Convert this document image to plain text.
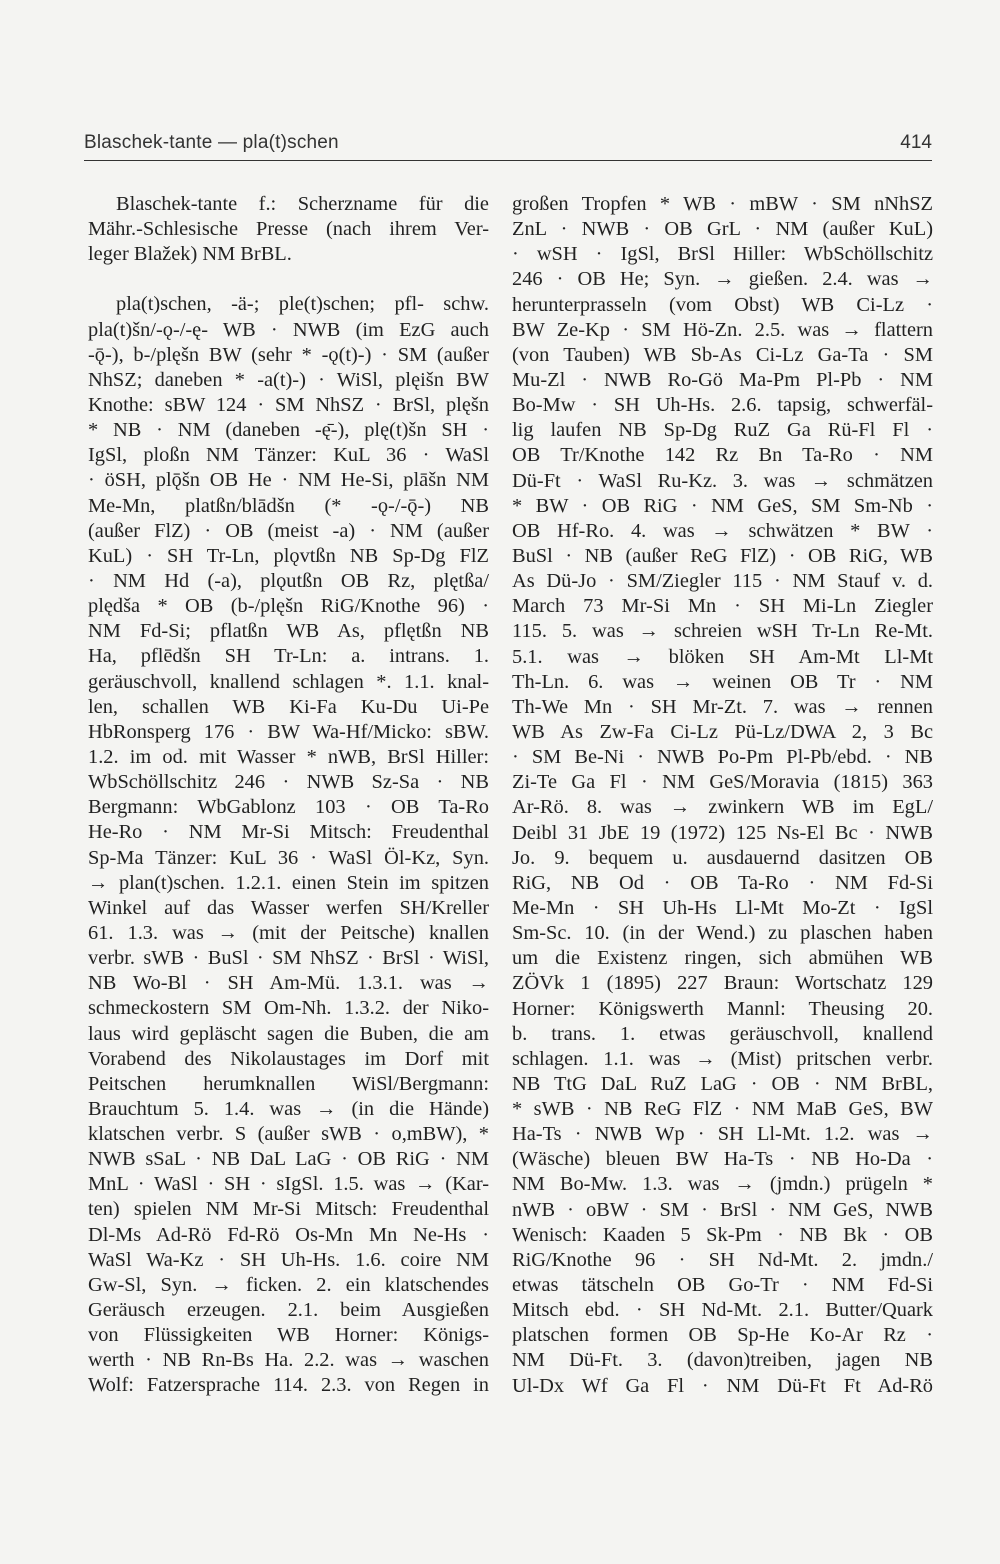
Blaschek-tante — pla(t)schen	414
Blaschek-tante f.: Scherzname für die
Mähr.-Schlesische Presse (nach ihrem Ver-
leger Blažek) NM BrBL.
pla(t)schen, -ä-; ple(t)schen; pfl- schw.
pla(t)šn/-ǫ-/-ę- WB · NWB (im EzG auch
-ǭ-), b-/plęšn BW (sehr * -ǫ(t)-) · SM (außer
NhSZ; daneben * -a(t)-) · WiSl, plęišn BW
Knothe: sBW 124 · SM NhSZ · BrSl, plęšn
* NB · NM (daneben -ę̄-), plę(t)šn SH ·
IgSl, ploßn NM Tänzer: KuL 36 · WaSl
· öSH, plǭšn OB He · NM He-Si, plāšn NM
Me-Mn, platßn/blādšn (* -ǫ-/-ǭ-) NB
(außer FlZ) · OB (meist -a) · NM (außer
KuL) · SH Tr-Ln, plǫvtßn NB Sp-Dg FlZ
· NM Hd (-a), plǫutßn OB Rz, plętßa/
plędša * OB (b-/plęšn RiG/Knothe 96) ·
NM Fd-Si; pflatßn WB As, pflętßn NB
Ha, pflēdšn SH Tr-Ln: a. intrans. 1.
geräuschvoll, knallend schlagen *. 1.1. knal-
len, schallen WB Ki-Fa Ku-Du Ui-Pe
HbRonsperg 176 · BW Wa-Hf/Micko: sBW.
1.2. im od. mit Wasser * nWB, BrSl Hiller:
WbSchöllschitz 246 · NWB Sz-Sa · NB
Bergmann: WbGablonz 103 · OB Ta-Ro
He-Ro · NM Mr-Si Mitsch: Freudenthal
Sp-Ma Tänzer: KuL 36 · WaSl Öl-Kz, Syn.
→ plan(t)schen. 1.2.1. einen Stein im spitzen
Winkel auf das Wasser werfen SH/Kreller
61. 1.3. was → (mit der Peitsche) knallen
verbr. sWB · BuSl · SM NhSZ · BrSl · WiSl,
NB Wo-Bl · SH Am-Mü. 1.3.1. was →
schmeckostern SM Om-Nh. 1.3.2. der Niko-
laus wird gepläscht sagen die Buben, die am
Vorabend des Nikolaustages im Dorf mit
Peitschen herumknallen WiSl/Bergmann:
Brauchtum 5. 1.4. was → (in die Hände)
klatschen verbr. S (außer sWB · o,mBW), *
NWB sSaL · NB DaL LaG · OB RiG · NM
MnL · WaSl · SH · sIgSl. 1.5. was → (Kar-
ten) spielen NM Mr-Si Mitsch: Freudenthal
Dl-Ms Ad-Rö Fd-Rö Os-Mn Mn Ne-Hs ·
WaSl Wa-Kz · SH Uh-Hs. 1.6. coire NM
Gw-Sl, Syn. → ficken. 2. ein klatschendes
Geräusch erzeugen. 2.1. beim Ausgießen
von Flüssigkeiten WB Horner: Königs-
werth · NB Rn-Bs Ha. 2.2. was → waschen
Wolf: Fatzersprache 114. 2.3. von Regen in
großen Tropfen * WB · mBW · SM nNhSZ
ZnL · NWB · OB GrL · NM (außer KuL)
· wSH · IgSl, BrSl Hiller: WbSchöllschitz
246 · OB He; Syn. → gießen. 2.4. was →
herunterprasseln (vom Obst) WB Ci-Lz ·
BW Ze-Kp · SM Hö-Zn. 2.5. was → flattern
(von Tauben) WB Sb-As Ci-Lz Ga-Ta · SM
Mu-Zl · NWB Ro-Gö Ma-Pm Pl-Pb · NM
Bo-Mw · SH Uh-Hs. 2.6. tapsig, schwerfäl-
lig laufen NB Sp-Dg RuZ Ga Rü-Fl Fl ·
OB Tr/Knothe 142 Rz Bn Ta-Ro · NM
Dü-Ft · WaSl Ru-Kz. 3. was → schmätzen
* BW · OB RiG · NM GeS, SM Sm-Nb ·
OB Hf-Ro. 4. was → schwätzen * BW ·
BuSl · NB (außer ReG FlZ) · OB RiG, WB
As Dü-Jo · SM/Ziegler 115 · NM Stauf v. d.
March 73 Mr-Si Mn · SH Mi-Ln Ziegler
115. 5. was → schreien wSH Tr-Ln Re-Mt.
5.1. was → blöken SH Am-Mt Ll-Mt
Th-Ln. 6. was → weinen OB Tr · NM
Th-We Mn · SH Mr-Zt. 7. was → rennen
WB As Zw-Fa Ci-Lz Pü-Lz/DWA 2, 3 Bc
· SM Be-Ni · NWB Po-Pm Pl-Pb/ebd. · NB
Zi-Te Ga Fl · NM GeS/Moravia (1815) 363
Ar-Rö. 8. was → zwinkern WB im EgL/
Deibl 31 JbE 19 (1972) 125 Ns-El Bc · NWB
Jo. 9. bequem u. ausdauernd dasitzen OB
RiG, NB Od · OB Ta-Ro · NM Fd-Si
Me-Mn · SH Uh-Hs Ll-Mt Mo-Zt · IgSl
Sm-Sc. 10. (in der Wend.) zu plaschen haben
um die Existenz ringen, sich abmühen WB
ZÖVk 1 (1895) 227 Braun: Wortschatz 129
Horner: Königswerth Mannl: Theusing 20.
b. trans. 1. etwas geräuschvoll, knallend
schlagen. 1.1. was → (Mist) pritschen verbr.
NB TtG DaL RuZ LaG · OB · NM BrBL,
* sWB · NB ReG FlZ · NM MaB GeS, BW
Ha-Ts · NWB Wp · SH Ll-Mt. 1.2. was →
(Wäsche) bleuen BW Ha-Ts · NB Ho-Da ·
NM Bo-Mw. 1.3. was → (jmdn.) prügeln *
nWB · oBW · SM · BrSl · NM GeS, NWB
Wenisch: Kaaden 5 Sk-Pm · NB Bk · OB
RiG/Knothe 96 · SH Nd-Mt. 2. jmdn./
etwas tätscheln OB Go-Tr · NM Fd-Si
Mitsch ebd. · SH Nd-Mt. 2.1. Butter/Quark
platschen formen OB Sp-He Ko-Ar Rz ·
NM Dü-Ft. 3. (davon)treiben, jagen NB
Ul-Dx Wf Ga Fl · NM Dü-Ft Ft Ad-Rö
